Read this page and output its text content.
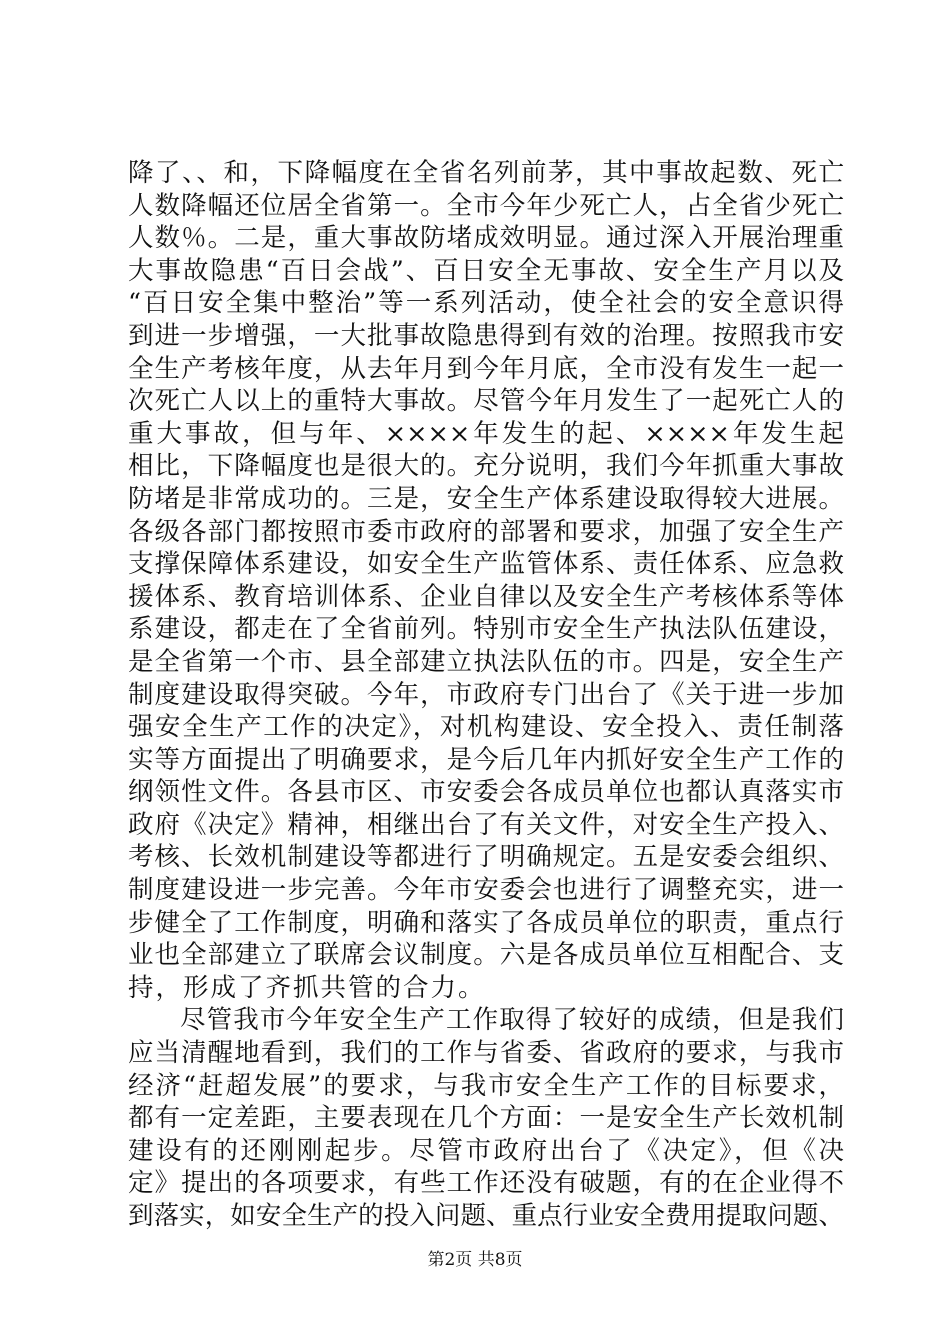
降了、、和，下降幅度在全省名列前茅，其中事故起数、死亡
人数降幅还位居全省第一。全市今年少死亡人，占全省少死亡
人数％。二是，重大事故防堵成效明显。通过深入开展治理重
大事故隐患“百日会战”、百日安全无事故、安全生产月以及
“百日安全集中整治”等一系列活动，使全社会的安全意识得
到进一步增强，一大批事故隐患得到有效的治理。按照我市安
全生产考核年度，从去年月到今年月底，全市没有发生一起一
次死亡人以上的重特大事故。尽管今年月发生了一起死亡人的
重大事故，但与年、××××年发生的起、××××年发生起
相比，下降幅度也是很大的。充分说明，我们今年抓重大事故
防堵是非常成功的。三是，安全生产体系建设取得较大进展。
各级各部门都按照市委市政府的部署和要求，加强了安全生产
支撑保障体系建设，如安全生产监管体系、责任体系、应急救
援体系、教育培训体系、企业自律以及安全生产考核体系等体
系建设，都走在了全省前列。特别市安全生产执法队伍建设，
是全省第一个市、县全部建立执法队伍的市。四是，安全生产
制度建设取得突破。今年，市政府专门出台了《关于进一步加
强安全生产工作的决定》，对机构建设、安全投入、责任制落
实等方面提出了明确要求，是今后几年内抓好安全生产工作的
纲领性文件。各县市区、市安委会各成员单位也都认真落实市
政府《决定》精神，相继出台了有关文件，对安全生产投入、
考核、长效机制建设等都进行了明确规定。五是安委会组织、
制度建设进一步完善。今年市安委会也进行了调整充实，进一
步健全了工作制度，明确和落实了各成员单位的职责，重点行
业也全部建立了联席会议制度。六是各成员单位互相配合、支
持，形成了齐抓共管的合力。
尽管我市今年安全生产工作取得了较好的成绩，但是我们
应当清醒地看到，我们的工作与省委、省政府的要求，与我市
经济“赶超发展”的要求，与我市安全生产工作的目标要求，
都有一定差距，主要表现在几个方面：一是安全生产长效机制
建设有的还刚刚起步。尽管市政府出台了《决定》，但《决
定》提出的各项要求，有些工作还没有破题，有的在企业得不
到落实，如安全生产的投入问题、重点行业安全费用提取问题、
第2页 共8页
